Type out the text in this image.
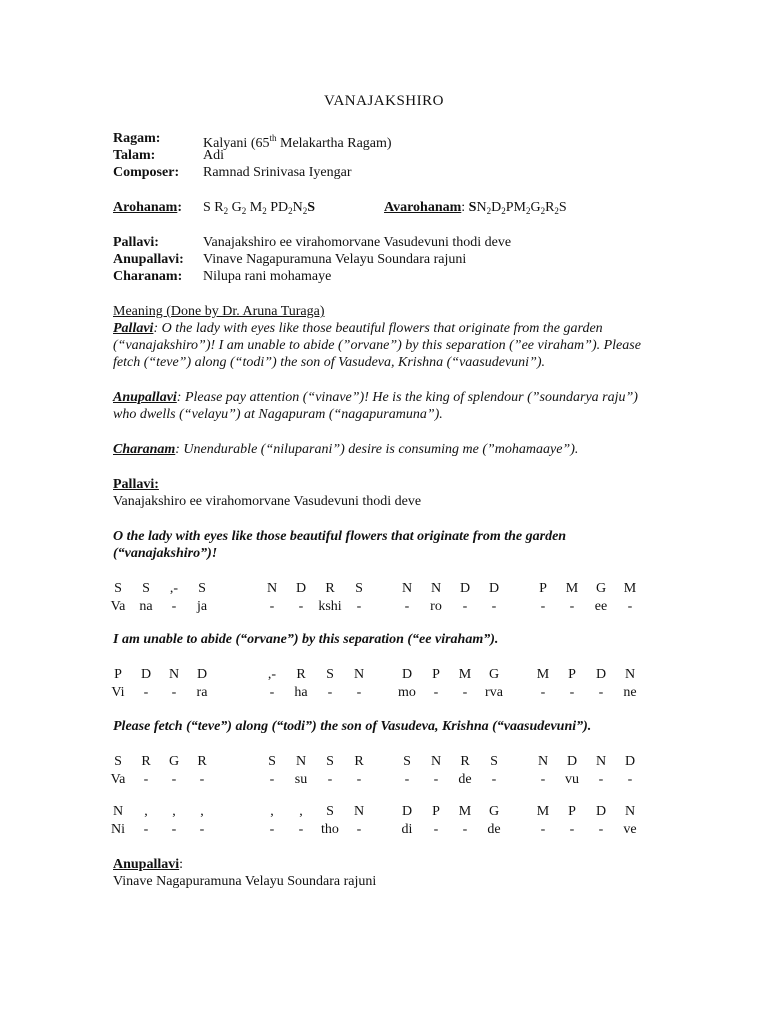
VANAJAKSHIRO
Ragam:	Kalyani (65th Melakartha Ragam)
Talam:	Adi
Composer: Ramnad Srinivasa Iyengar
Arohanam: S $R_2$ $G_2$ $M_2$ $PD_2N_2S$	Avarohanam: $SN_2D_2PM_2G_2R_2S$
Pallavi:	Vanajakshiro ee virahomorvane Vasudevuni thodi deve
Anupallavi: Vinave Nagapuramuna Velayu Soundara rajuni
Charanam: Nilupa rani mohamaye
Meaning (Done by Dr. Aruna Turaga)
Pallavi: O the lady with eyes like those beautiful flowers that originate from the garden (“vanajakshiro”)! I am unable to abide (”orvane”) by this separation (”ee viraham”). Please fetch (“teve”) along (“todi”) the son of Vasudeva, Krishna (“vaasudevuni”).
Anupallavi: Please pay attention (“vinave”)! He is the king of splendour (”soundarya raju”) who dwells (“velayu”) at Nagapuram (“nagapuramuna”).
Charanam: Unendurable (“niluparani”) desire is consuming me (”mohamaaye”).
Pallavi:
Vanajakshiro ee virahomorvane Vasudevuni thodi deve
O the lady with eyes like those beautiful flowers that originate from the garden
(“vanajakshiro”)!
I am unable to abide (“orvane”) by this separation (“ee viraham”).
Please fetch (“teve”) along (“todi”) the son of Vasudeva, Krishna (“vaasudevuni”).
S	S	,-	S	N	D	R	S	N	N	D	D	P	M	G	M
Va	na	-	ja	-	-	kshi	-	-	ro	-	-	-	-	ee	-
P	D	N	D	,-	R	S	N	D	P	M	G	M	P	D	N
Vi	-	-	ra	-	ha	-	-	mo	-	-	rva	-	-	-	ne
S	R	G	R	S	N	S	R	S	N	R	S	N	D	N	D
Va	-	-	-	-	su	-	-	-	-	de	-	-	vu	-	-
N	,	,	,	,	,	S	N	D	P	M	G	M	P	D	N
Ni	-	-	-	-	-	tho	-	di	-	-	de	-	-	-	ve
Anupallavi:
Vinave Nagapuramuna Velayu Soundara rajuni
